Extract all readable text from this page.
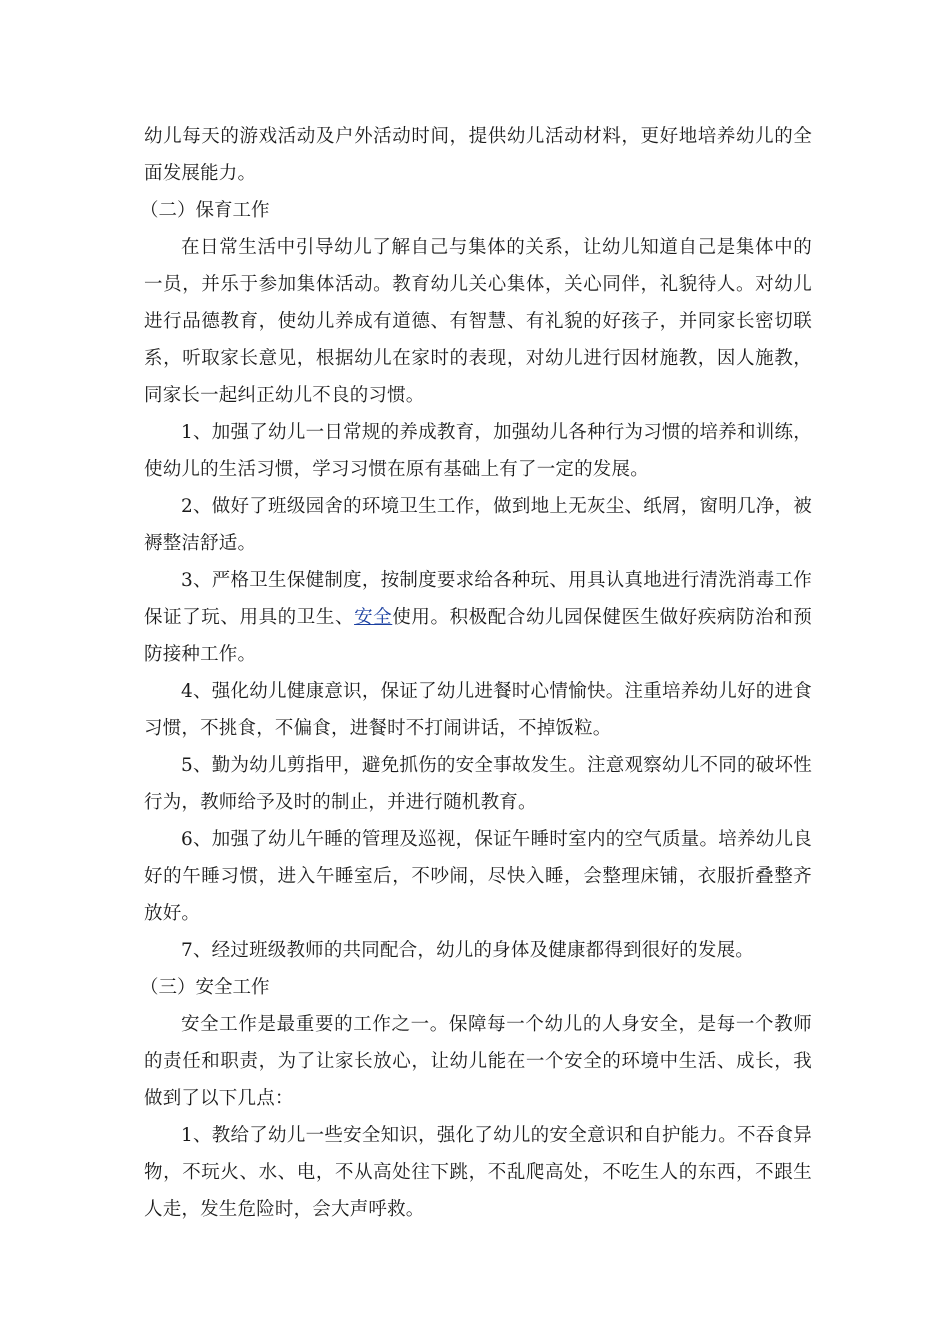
幼儿每天的游戏活动及户外活动时间，提供幼儿活动材料，更好地培养幼儿的全面发展能力。

（二）保育工作

在日常生活中引导幼儿了解自己与集体的关系，让幼儿知道自己是集体中的一员，并乐于参加集体活动。教育幼儿关心集体，关心同伴，礼貌待人。对幼儿进行品德教育，使幼儿养成有道德、有智慧、有礼貌的好孩子，并同家长密切联系，听取家长意见，根据幼儿在家时的表现，对幼儿进行因材施教，因人施教，同家长一起纠正幼儿不良的习惯。

1、加强了幼儿一日常规的养成教育，加强幼儿各种行为习惯的培养和训练，使幼儿的生活习惯，学习习惯在原有基础上有了一定的发展。

2、做好了班级园舍的环境卫生工作，做到地上无灰尘、纸屑，窗明几净，被褥整洁舒适。

3、严格卫生保健制度，按制度要求给各种玩、用具认真地进行清洗消毒工作保证了玩、用具的卫生、安全使用。积极配合幼儿园保健医生做好疾病防治和预防接种工作。

4、强化幼儿健康意识，保证了幼儿进餐时心情愉快。注重培养幼儿好的进食习惯，不挑食，不偏食，进餐时不打闹讲话，不掉饭粒。

5、勤为幼儿剪指甲，避免抓伤的安全事故发生。注意观察幼儿不同的破坏性行为，教师给予及时的制止，并进行随机教育。

6、加强了幼儿午睡的管理及巡视，保证午睡时室内的空气质量。培养幼儿良好的午睡习惯，进入午睡室后，不吵闹，尽快入睡，会整理床铺，衣服折叠整齐放好。

7、经过班级教师的共同配合，幼儿的身体及健康都得到很好的发展。

（三）安全工作

安全工作是最重要的工作之一。保障每一个幼儿的人身安全，是每一个教师的责任和职责，为了让家长放心，让幼儿能在一个安全的环境中生活、成长，我做到了以下几点：

1、教给了幼儿一些安全知识，强化了幼儿的安全意识和自护能力。不吞食异物，不玩火、水、电，不从高处往下跳，不乱爬高处，不吃生人的东西，不跟生人走，发生危险时，会大声呼救。
